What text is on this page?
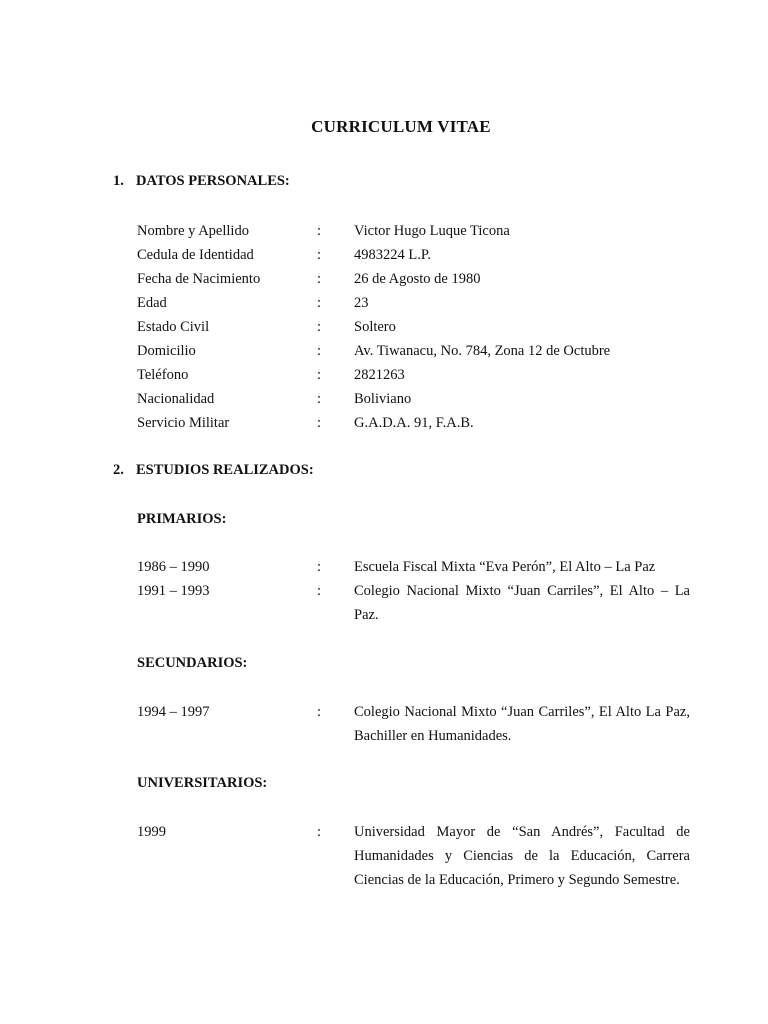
CURRICULUM VITAE
1. DATOS PERSONALES:
Nombre y Apellido	: Victor Hugo Luque Ticona
Cedula de Identidad	: 4983224 L.P.
Fecha de Nacimiento	: 26 de Agosto de 1980
Edad	: 23
Estado Civil	: Soltero
Domicilio	: Av. Tiwanacu, No. 784, Zona 12 de Octubre
Teléfono	: 2821263
Nacionalidad	: Boliviano
Servicio Militar	: G.A.D.A. 91, F.A.B.
2. ESTUDIOS REALIZADOS:
PRIMARIOS:
1986 – 1990	: Escuela Fiscal Mixta “Eva Perón”, El Alto – La Paz
1991 – 1993	: Colegio Nacional Mixto “Juan Carriles”, El Alto – La Paz.
SECUNDARIOS:
1994 – 1997	: Colegio Nacional Mixto “Juan Carriles”, El Alto La Paz, Bachiller en Humanidades.
UNIVERSITARIOS:
1999	: Universidad Mayor de “San Andrés”, Facultad de Humanidades y Ciencias de la Educación, Carrera Ciencias de la Educación, Primero y Segundo Semestre.
